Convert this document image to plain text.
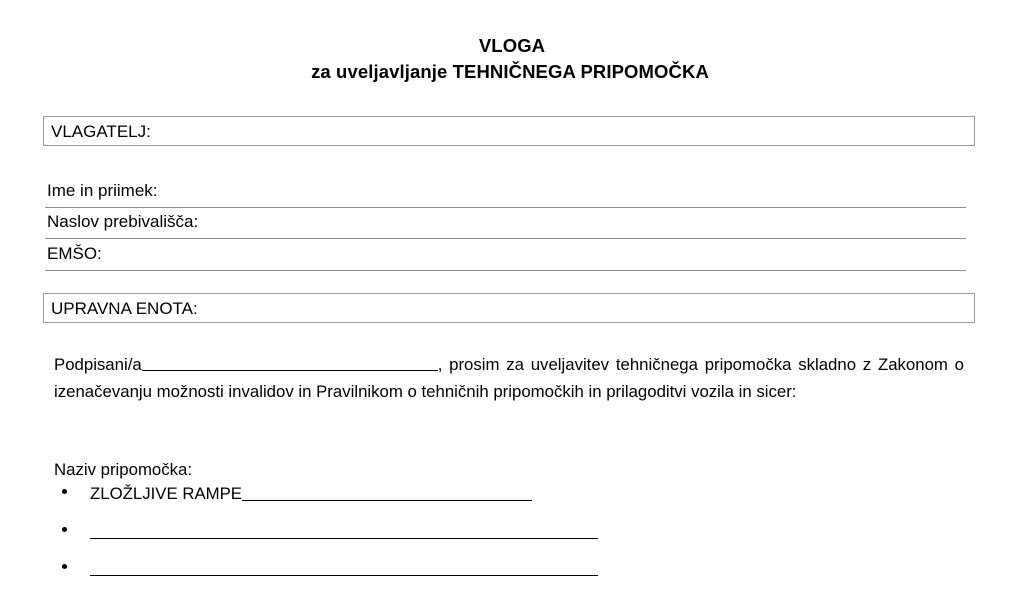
VLOGA
za uveljavljanje TEHNIČNEGA PRIPOMOČKA
VLAGATELJ:
Ime in priimek:
Naslov prebivališča:
EMŠO:
UPRAVNA ENOTA:
Podpisani/a	, prosim za uveljavitev tehničnega pripomočka skladno z Zakonom o izenačevanju možnosti invalidov in Pravilnikom o tehničnih pripomočkih in prilagoditvi vozila in sicer:
Naziv pripomočka:
ZLOŽLJIVE RAMPE
